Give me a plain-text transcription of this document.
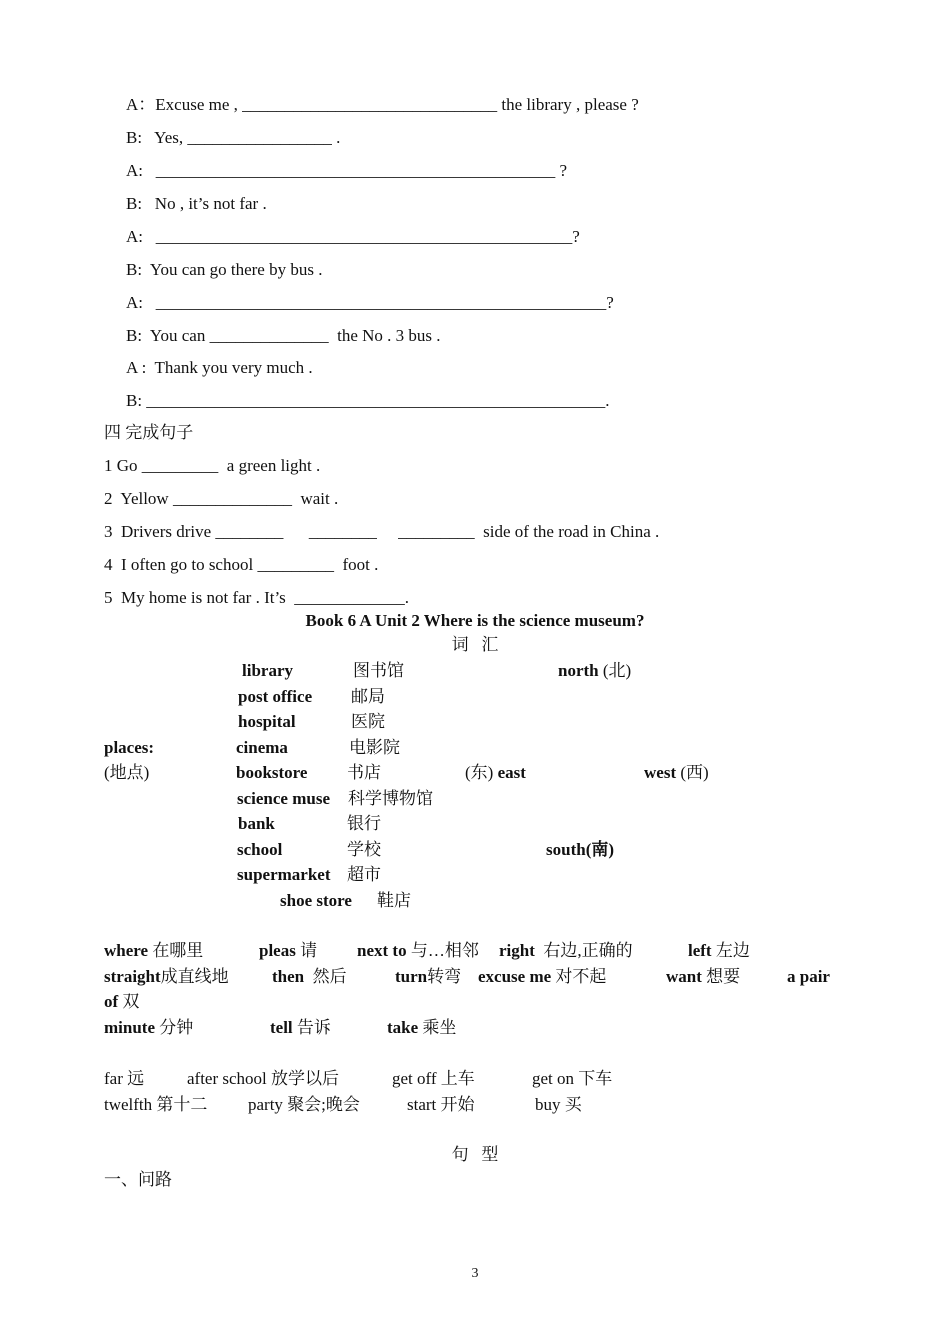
A：Excuse me , ______________________________ the library , please ?
B:   Yes, _________________ .
A:   _______________________________________________ ?
B:   No , it’s not far .
A:   _________________________________________________?
B:  You can go there by bus .
A:   _____________________________________________________?
B:  You can ______________  the No . 3 bus .
A :  Thank you very much .
B: ______________________________________________________.
四 完成句子
1 Go _________  a green light .
2  Yellow ______________  wait .
3  Drivers drive ________      ________     _________  side of the road in China .
4  I often go to school _________  foot .
5  My home is not far . It’s  _____________.
Book 6 A Unit 2 Where is the science museum?
词   汇
places:
(地点)
library	图书馆
post office 邮局
hospital	医院
cinema	电影院
bookstore 书店
science muse 科学博物馆
bank	银行
school	学校
supermarket 超市
shoe store 鞋店
north (北)
(东) east	west (西)
south(南)
where 在哪里	pleas 请 next to 与…相邻 right 右边,正确的	left 左边
straight成直线地	then 然后	turn转弯 excuse me 对不起	want 想要	a pair
of 双
minute 分钟	tell 告诉	take 乘坐
far 远	after school 放学以后	get off 上车	get on 下车
twelfth 第十二 party 聚会;晚会	start 开始	buy 买
句   型
一、问路
3
